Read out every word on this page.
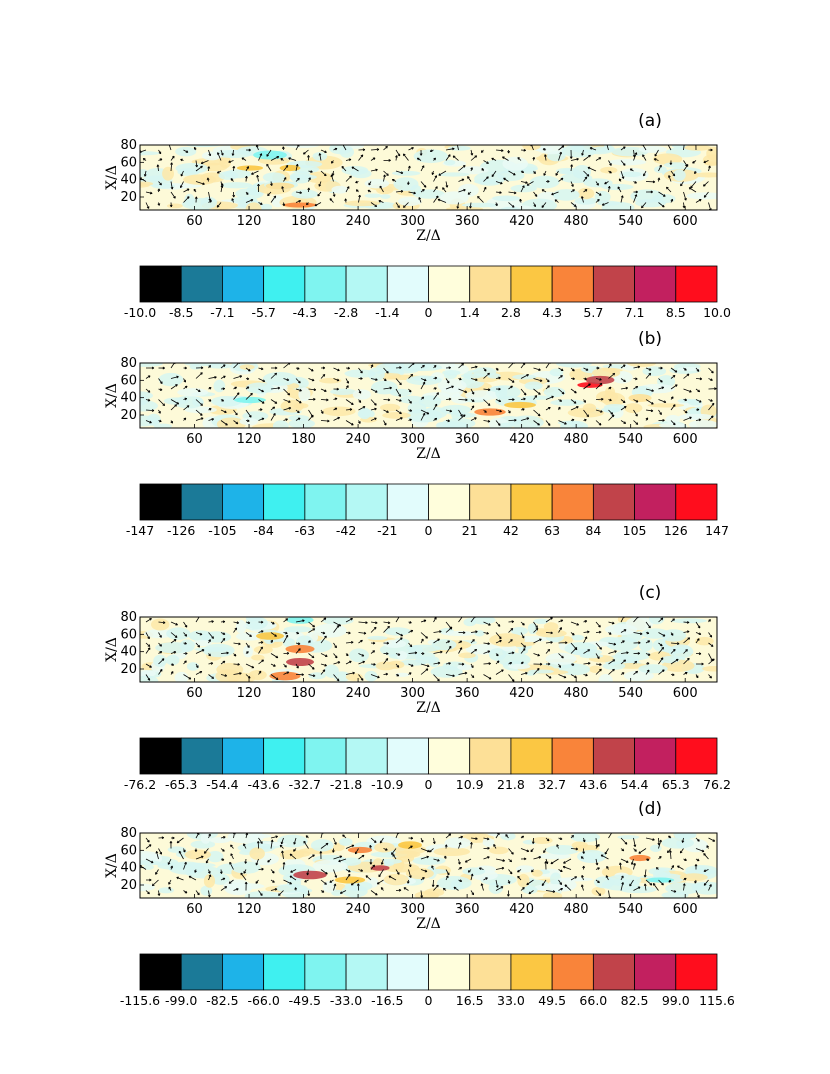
60	120 180 240 300 360 420 480 540 600
20
40
60
80
Z/Δ
X/Δ
(a)
-10.0 -8.5 -7.1 -5.7 -4.3 -2.8 -1.4 0 1.4 2.8 4.3 5.7 7.1 8.5 10.0
60	120 180 240 300 360 420 480 540 600
20
40
60
80
Z/Δ
X/Δ
(b)
-147 -126 -105 -84 -63 -42 -21 0 21 42 63 84 105 126 147
60	120 180 240 300 360 420 480 540 600
20
40
60
80
Z/Δ
X/Δ
(c)
-76.2 -65.3 -54.4 -43.6 -32.7 -21.8 -10.9 0 10.9 21.8 32.7 43.6 54.4 65.3 76.2
60	120 180 240 300 360 420 480 540 600
20
40
60
80
Z/Δ
X/Δ
(d)
-115.6 -99.0 -82.5 -66.0 -49.5 -33.0 -16.5 0 16.5 33.0 49.5 66.0 82.5 99.0 115.6
